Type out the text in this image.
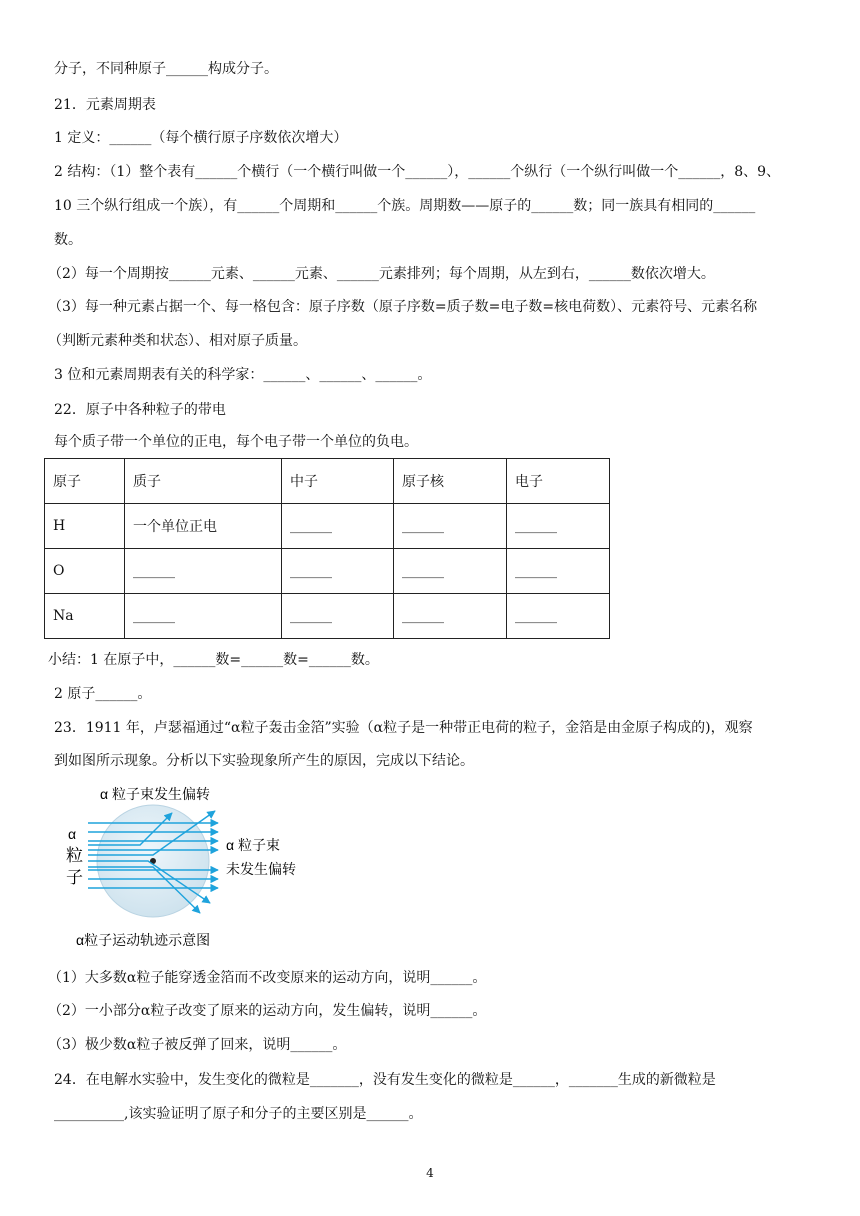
分子，不同种原子______构成分子。
21．元素周期表
1 定义：______（每个横行原子序数依次增大）
2 结构：（1）整个表有______个横行（一个横行叫做一个______），______个纵行（一个纵行叫做一个______，8、9、
10 三个纵行组成一个族），有______个周期和______个族。周期数——原子的______数；同一族具有相同的______
数。
（2）每一个周期按______元素、______元素、______元素排列；每个周期，从左到右，______数依次增大。
（3）每一种元素占据一个、每一格包含：原子序数（原子序数=质子数=电子数=核电荷数）、元素符号、元素名称
（判断元素种类和状态）、相对原子质量。
3 位和元素周期表有关的科学家：______、______、______。
22．原子中各种粒子的带电
每个质子带一个单位的正电，每个电子带一个单位的负电。
原子	质子	中子	原子核	电子
H	一个单位正电	______	______	______
O	______	______	______	______
Na	______	______	______	______
小结：1 在原子中，______数=______数=______数。
2 原子______。
23．1911 年，卢瑟福通过“α粒子轰击金箔”实验（α粒子是一种带正电荷的粒子，金箔是由金原子构成的)，观察
到如图所示现象。分析以下实验现象所产生的原因，完成以下结论。
α 粒子束发生偏转
α
粒
子
α 粒子束
未发生偏转
α粒子运动轨迹示意图
（1）大多数α粒子能穿透金箔而不改变原来的运动方向，说明______。
（2）一小部分α粒子改变了原来的运动方向，发生偏转，说明______。
（3）极少数α粒子被反弹了回来，说明______。
24．在电解水实验中，发生变化的微粒是_______，没有发生变化的微粒是______，_______生成的新微粒是
__________,该实验证明了原子和分子的主要区别是______。
4
